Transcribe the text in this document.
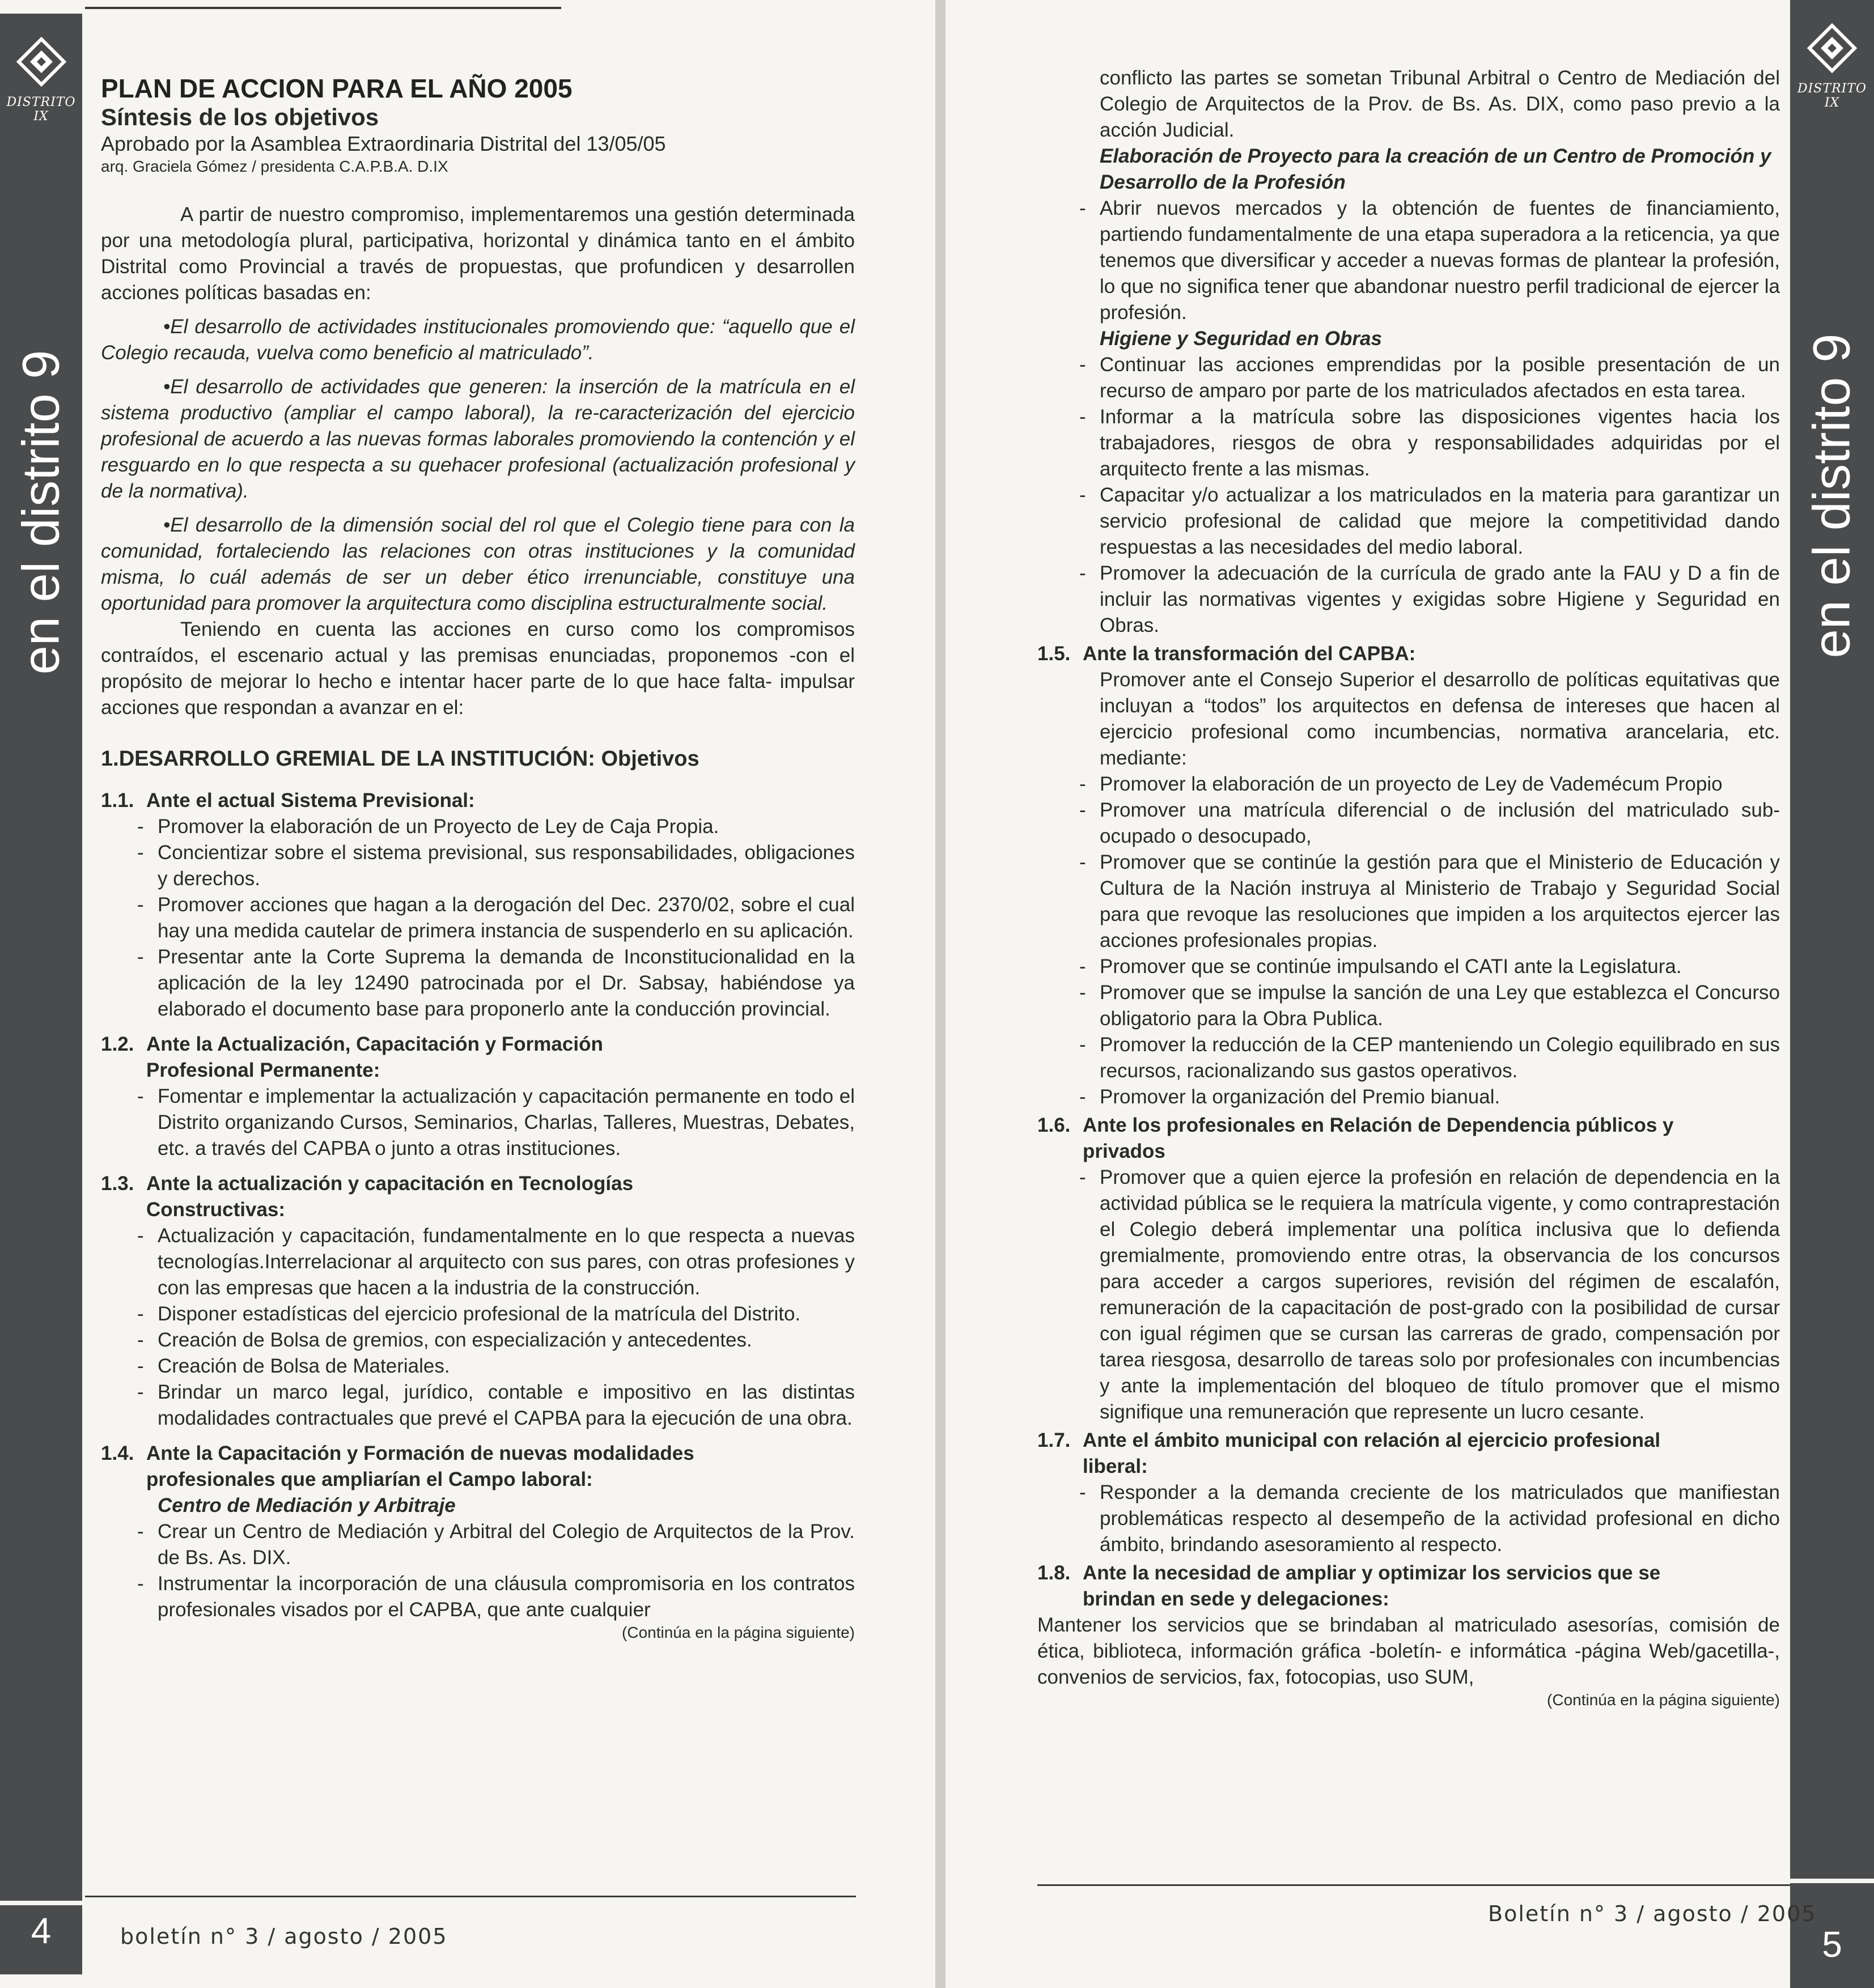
DISTRITO IX
en el distrito 9
4
PLAN DE ACCION PARA EL AÑO 2005
Síntesis de los objetivos
Aprobado por la Asamblea Extraordinaria Distrital del 13/05/05
arq. Graciela Gómez / presidenta C.A.P.B.A. D.IX

A partir de nuestro compromiso, implementaremos una gestión determinada por una metodología plural, participativa, horizontal y dinámica tanto en el ámbito Distrital como Provincial a través de propuestas, que profundicen y desarrollen acciones políticas basadas en:

•El desarrollo de actividades institucionales promoviendo que: “aquello que el Colegio recauda, vuelva como beneficio al matriculado”.

•El desarrollo de actividades que generen: la inserción de la matrícula en el sistema productivo (ampliar el campo laboral), la re-caracterización del ejercicio profesional de acuerdo a las nuevas formas laborales promoviendo la contención y el resguardo en lo que respecta a su quehacer profesional (actualización profesional y de la normativa).

•El desarrollo de la dimensión social del rol que el Colegio tiene para con la comunidad, fortaleciendo las relaciones con otras instituciones y la comunidad misma, lo cuál además de ser un deber ético irrenunciable, constituye una oportunidad para promover la arquitectura como disciplina estructuralmente social.

Teniendo en cuenta las acciones en curso como los compromisos contraídos, el escenario actual y las premisas enunciadas, proponemos -con el propósito de mejorar lo hecho e intentar hacer parte de lo que hace falta- impulsar acciones que respondan a avanzar en el:

1.DESARROLLO GREMIAL DE LA INSTITUCIÓN: Objetivos
1.1. Ante el actual Sistema Previsional:
- Promover la elaboración de un Proyecto de Ley de Caja Propia.
- Concientizar sobre el sistema previsional, sus responsabilidades, obligaciones y derechos.
- Promover acciones que hagan a la derogación del Dec. 2370/02, sobre el cual hay una medida cautelar de primera instancia de suspenderlo en su aplicación.
- Presentar ante la Corte Suprema la demanda de Inconstitucionalidad en la aplicación de la ley 12490 patrocinada por el Dr. Sabsay, habiéndose ya elaborado el documento base para proponerlo ante la conducción provincial.
1.2. Ante la Actualización, Capacitación y Formación
Profesional Permanente:
- Fomentar e implementar la actualización y capacitación permanente en todo el Distrito organizando Cursos, Seminarios, Charlas, Talleres, Muestras, Debates, etc. a través del CAPBA o junto a otras instituciones.
1.3. Ante la actualización y capacitación en Tecnologías
Constructivas:
- Actualización y capacitación, fundamentalmente en lo que respecta a nuevas tecnologías.Interrelacionar al arquitecto con sus pares, con otras profesiones y con las empresas que hacen a la industria de la construcción.
- Disponer estadísticas del ejercicio profesional de la matrícula del Distrito.
- Creación de Bolsa de gremios, con especialización y antecedentes.
- Creación de Bolsa de Materiales.
- Brindar un marco legal, jurídico, contable e impositivo en las distintas modalidades contractuales que prevé el CAPBA para la ejecución de una obra.
1.4. Ante la Capacitación y Formación de nuevas modalidades
profesionales que ampliarían el Campo laboral:
Centro de Mediación y Arbitraje
- Crear un Centro de Mediación y Arbitral del Colegio de Arquitectos de la Prov. de Bs. As. DIX.
- Instrumentar la incorporación de una cláusula compromisoria en los contratos profesionales visados por el CAPBA, que ante cualquier
(Continúa en la página siguiente)
boletín n° 3 / agosto / 2005
DISTRITO IX
en el distrito 9
5

conflicto las partes se sometan Tribunal Arbitral o Centro de Mediación del Colegio de Arquitectos de la Prov. de Bs. As. DIX, como paso previo a la acción Judicial.

Elaboración de Proyecto para la creación de un Centro de Promoción y Desarrollo de la Profesión
- Abrir nuevos mercados y la obtención de fuentes de financiamiento, partiendo fundamentalmente de una etapa superadora a la reticencia, ya que tenemos que diversificar y acceder a nuevas formas de plantear la profesión, lo que no significa tener que abandonar nuestro perfil tradicional de ejercer la profesión.
Higiene y Seguridad en Obras
- Continuar las acciones emprendidas por la posible presentación de un recurso de amparo por parte de los matriculados afectados en esta tarea.
- Informar a la matrícula sobre las disposiciones vigentes hacia los trabajadores, riesgos de obra y responsabilidades adquiridas por el arquitecto frente a las mismas.
- Capacitar y/o actualizar a los matriculados en la materia para garantizar un servicio profesional de calidad que mejore la competitividad dando respuestas a las necesidades del medio laboral.
- Promover la adecuación de la currícula de grado ante la FAU y D a fin de incluir las normativas vigentes y exigidas sobre Higiene y Seguridad en Obras.
1.5. Ante la transformación del CAPBA:

Promover ante el Consejo Superior el desarrollo de políticas equitativas que incluyan a “todos” los arquitectos en defensa de intereses que hacen al ejercicio profesional como incumbencias, normativa arancelaria, etc. mediante:

- Promover la elaboración de un proyecto de Ley de Vademécum Propio
- Promover una matrícula diferencial o de inclusión del matriculado sub-ocupado o desocupado,
- Promover que se continúe la gestión para que el Ministerio de Educación y Cultura de la Nación instruya al Ministerio de Trabajo y Seguridad Social para que revoque las resoluciones que impiden a los arquitectos ejercer las acciones profesionales propias.
- Promover que se continúe impulsando el CATI ante la Legislatura.
- Promover que se impulse la sanción de una Ley que establezca el Concurso obligatorio para la Obra Publica.
- Promover la reducción de la CEP manteniendo un Colegio equilibrado en sus recursos, racionalizando sus gastos operativos.
- Promover la organización del Premio bianual.
1.6. Ante los profesionales en Relación de Dependencia públicos y
privados
- Promover que a quien ejerce la profesión en relación de dependencia en la actividad pública se le requiera la matrícula vigente, y como contraprestación el Colegio deberá implementar una política inclusiva que lo defienda gremialmente, promoviendo entre otras, la observancia de los concursos para acceder a cargos superiores, revisión del régimen de escalafón, remuneración de la capacitación de post-grado con la posibilidad de cursar con igual régimen que se cursan las carreras de grado, compensación por tarea riesgosa, desarrollo de tareas solo por profesionales con incumbencias y ante la implementación del bloqueo de título promover que el mismo signifique una remuneración que represente un lucro cesante.
1.7. Ante el ámbito municipal con relación al ejercicio profesional
liberal:
- Responder a la demanda creciente de los matriculados que manifiestan problemáticas respecto al desempeño de la actividad profesional en dicho ámbito, brindando asesoramiento al respecto.
1.8. Ante la necesidad de ampliar y optimizar los servicios que se
brindan en sede y delegaciones:

Mantener los servicios que se brindaban al matriculado asesorías, comisión de ética, biblioteca, información gráfica -boletín- e informática -página Web/gacetilla-, convenios de servicios, fax, fotocopias, uso SUM,

(Continúa en la página siguiente)
Boletín n° 3 / agosto / 2005
